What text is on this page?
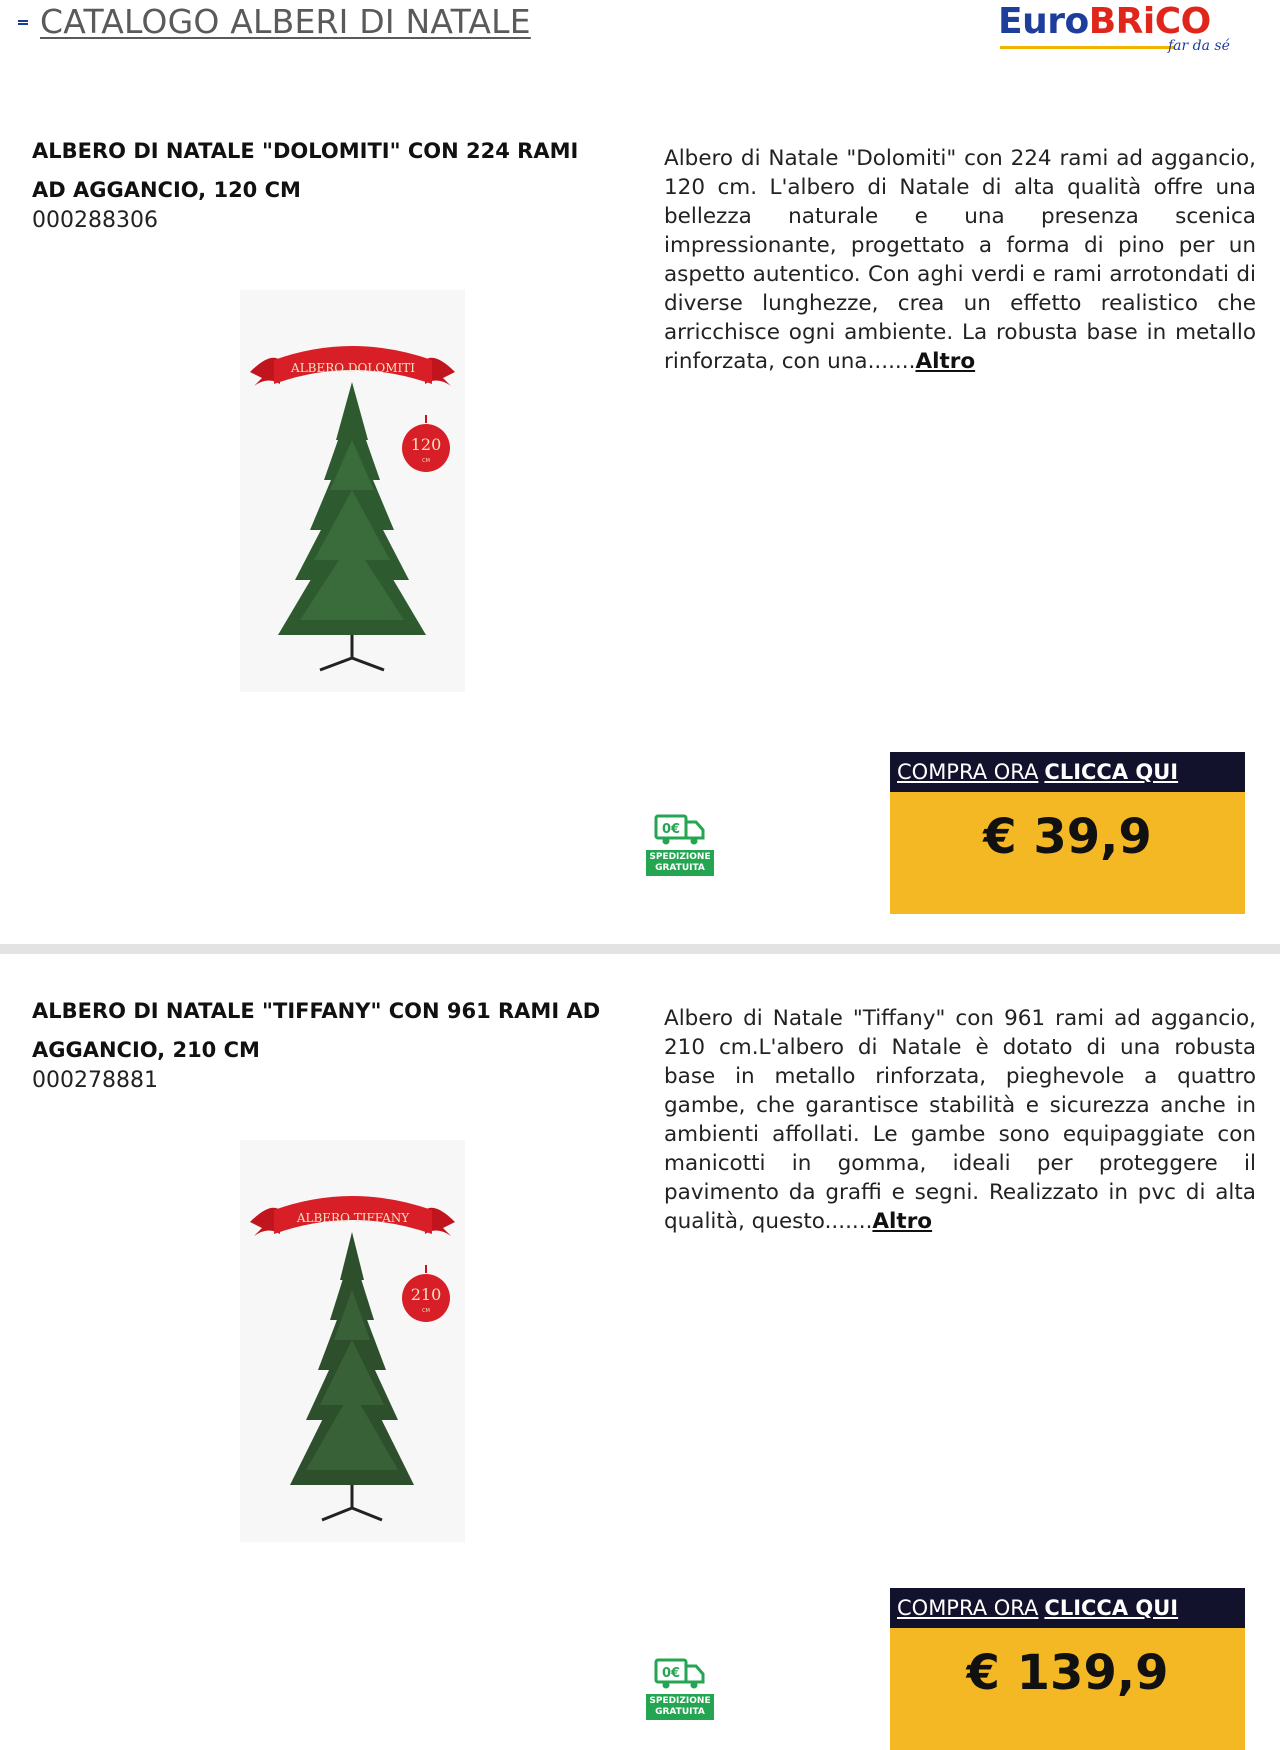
CATALOGO ALBERI DI NATALE	EuroBRiCO
far da sé
ALBERO DI NATALE "DOLOMITI" CON 224 RAMI AD AGGANCIO, 120 CM
000288306
Albero di Natale "Dolomiti" con 224 rami ad aggancio, 120 cm. L'albero di Natale di alta qualità offre una bellezza naturale e una presenza scenica impressionante, progettato a forma di pino per un aspetto autentico. Con aghi verdi e rami arrotondati di diverse lunghezze, crea un effetto realistico che arricchisce ogni ambiente. La robusta base in metallo rinforzata, con una.......Altro
ALBERO DOLOMITI
120
CM
0€
SPEDIZIONE GRATUITA
COMPRA ORA CLICCA QUI
€ 39,9
ALBERO DI NATALE "TIFFANY" CON 961 RAMI AD AGGANCIO, 210 CM
000278881
Albero di Natale "Tiffany" con 961 rami ad aggancio, 210 cm.L'albero di Natale è dotato di una robusta base in metallo rinforzata, pieghevole a quattro gambe, che garantisce stabilità e sicurezza anche in ambienti affollati. Le gambe sono equipaggiate con manicotti in gomma, ideali per proteggere il pavimento da graffi e segni. Realizzato in pvc di alta qualità, questo.......Altro
ALBERO TIFFANY
210
CM
0€
SPEDIZIONE GRATUITA
COMPRA ORA CLICCA QUI
€ 139,9
